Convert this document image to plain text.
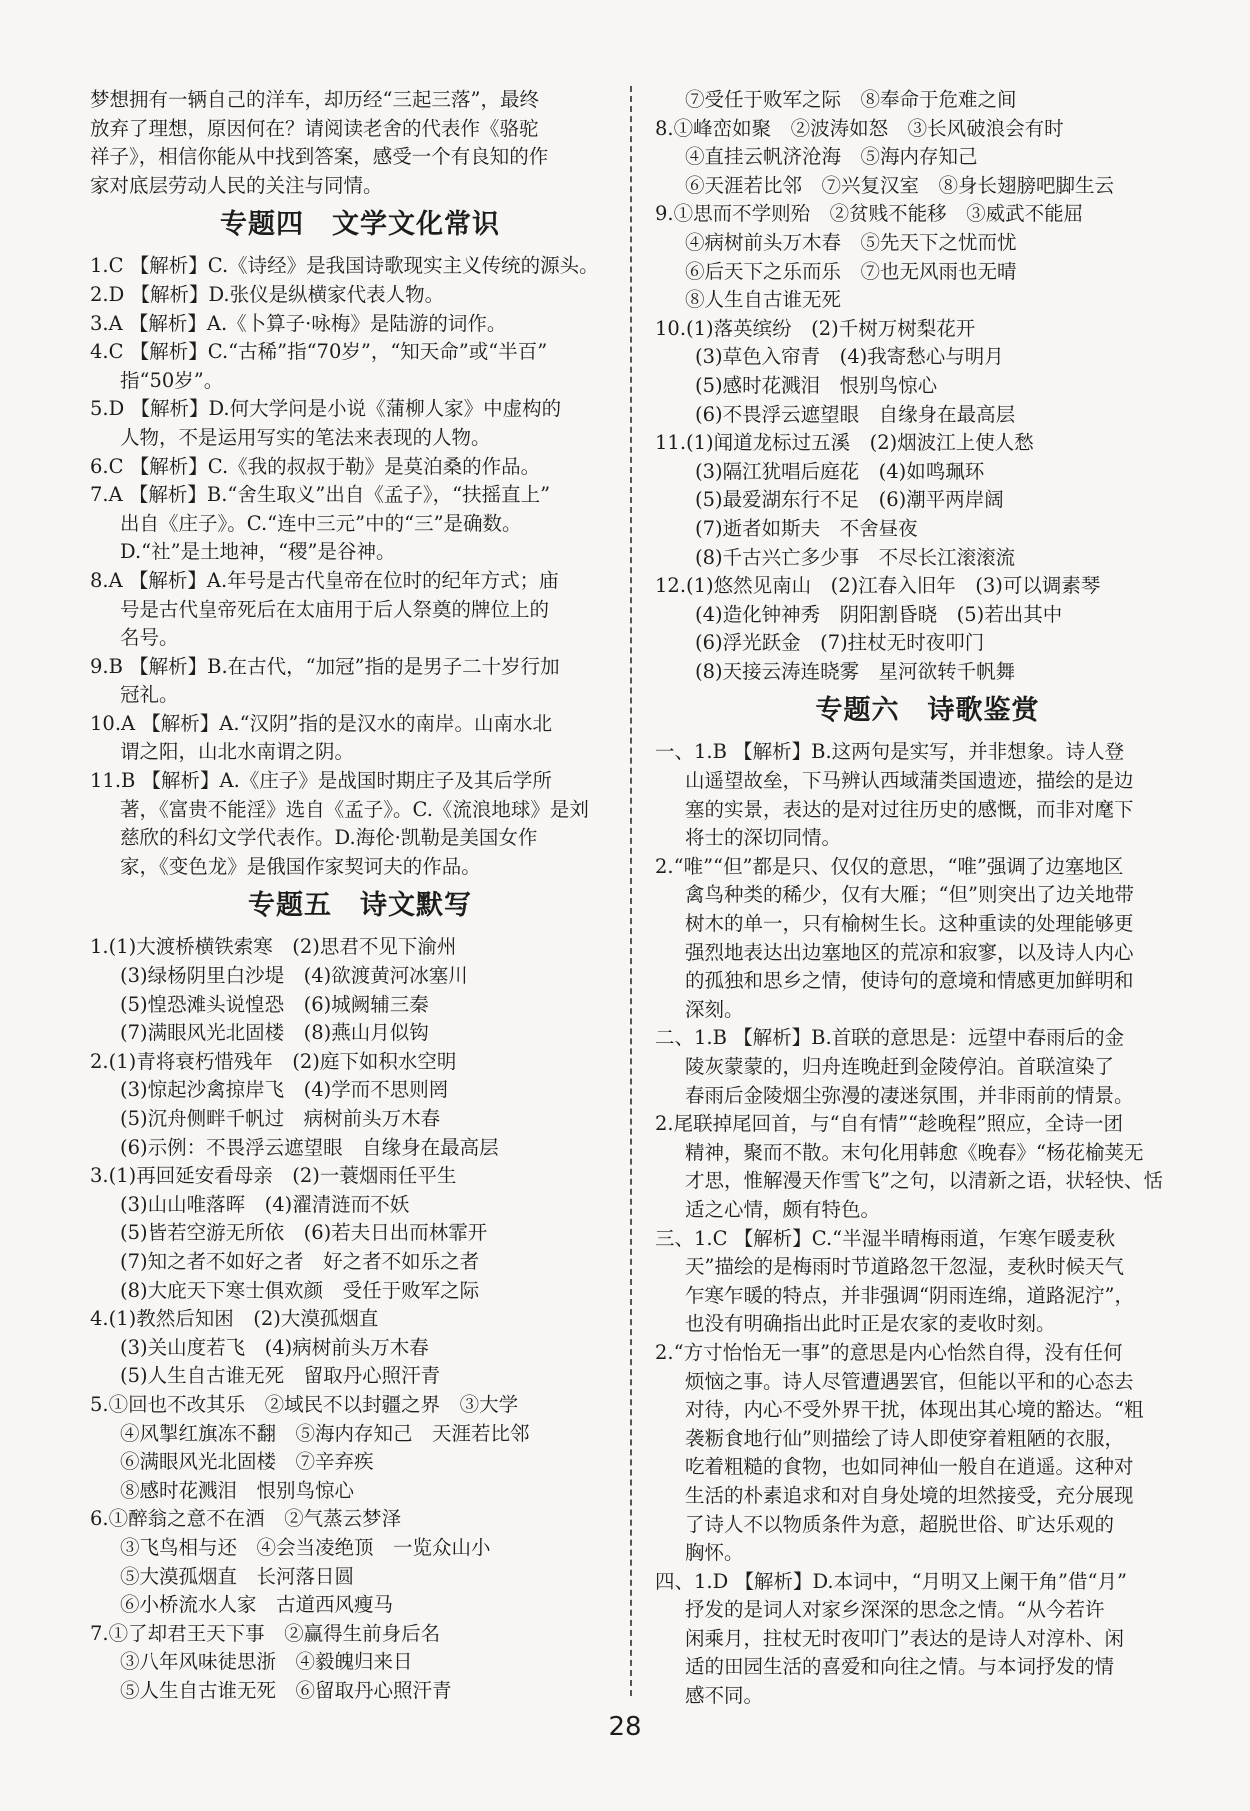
梦想拥有一辆自己的洋车，却历经“三起三落”，最终
放弃了理想，原因何在？请阅读老舍的代表作《骆驼
祥子》，相信你能从中找到答案，感受一个有良知的作
家对底层劳动人民的关注与同情。
专题四　文学文化常识
1.C 【解析】C.《诗经》是我国诗歌现实主义传统的源头。
2.D 【解析】D.张仪是纵横家代表人物。
3.A 【解析】A.《卜算子·咏梅》是陆游的词作。
4.C 【解析】C.“古稀”指“70岁”，“知天命”或“半百”
指“50岁”。
5.D 【解析】D.何大学问是小说《蒲柳人家》中虚构的
人物，不是运用写实的笔法来表现的人物。
6.C 【解析】C.《我的叔叔于勒》是莫泊桑的作品。
7.A 【解析】B.“舍生取义”出自《孟子》，“扶摇直上”
出自《庄子》。C.“连中三元”中的“三”是确数。
D.“社”是土地神，“稷”是谷神。
8.A 【解析】A.年号是古代皇帝在位时的纪年方式；庙
号是古代皇帝死后在太庙用于后人祭奠的牌位上的
名号。
9.B 【解析】B.在古代，“加冠”指的是男子二十岁行加
冠礼。
10.A 【解析】A.“汉阴”指的是汉水的南岸。山南水北
谓之阳，山北水南谓之阴。
11.B 【解析】A.《庄子》是战国时期庄子及其后学所
著，《富贵不能淫》选自《孟子》。C.《流浪地球》是刘
慈欣的科幻文学代表作。D.海伦·凯勒是美国女作
家，《变色龙》是俄国作家契诃夫的作品。
专题五　诗文默写
1.(1)大渡桥横铁索寒　(2)思君不见下渝州
(3)绿杨阴里白沙堤　(4)欲渡黄河冰塞川
(5)惶恐滩头说惶恐　(6)城阙辅三秦
(7)满眼风光北固楼　(8)燕山月似钩
2.(1)青将衰朽惜残年　(2)庭下如积水空明
(3)惊起沙禽掠岸飞　(4)学而不思则罔
(5)沉舟侧畔千帆过　病树前头万木春
(6)示例：不畏浮云遮望眼　自缘身在最高层
3.(1)再回延安看母亲　(2)一蓑烟雨任平生
(3)山山唯落晖　(4)濯清涟而不妖
(5)皆若空游无所依　(6)若夫日出而林霏开
(7)知之者不如好之者　好之者不如乐之者
(8)大庇天下寒士俱欢颜　受任于败军之际
4.(1)教然后知困　(2)大漠孤烟直
(3)关山度若飞　(4)病树前头万木春
(5)人生自古谁无死　留取丹心照汗青
5.①回也不改其乐　②域民不以封疆之界　③大学
④风掣红旗冻不翻　⑤海内存知己　天涯若比邻
⑥满眼风光北固楼　⑦辛弃疾
⑧感时花溅泪　恨别鸟惊心
6.①醉翁之意不在酒　②气蒸云梦泽
③飞鸟相与还　④会当凌绝顶　一览众山小
⑤大漠孤烟直　长河落日圆
⑥小桥流水人家　古道西风瘦马
7.①了却君王天下事　②赢得生前身后名
③八年风味徒思浙　④毅魄归来日
⑤人生自古谁无死　⑥留取丹心照汗青
⑦受任于败军之际　⑧奉命于危难之间
8.①峰峦如聚　②波涛如怒　③长风破浪会有时
④直挂云帆济沧海　⑤海内存知己
⑥天涯若比邻　⑦兴复汉室　⑧身长翅膀吧脚生云
9.①思而不学则殆　②贫贱不能移　③威武不能屈
④病树前头万木春　⑤先天下之忧而忧
⑥后天下之乐而乐　⑦也无风雨也无晴
⑧人生自古谁无死
10.(1)落英缤纷　(2)千树万树梨花开
(3)草色入帘青　(4)我寄愁心与明月
(5)感时花溅泪　恨别鸟惊心
(6)不畏浮云遮望眼　自缘身在最高层
11.(1)闻道龙标过五溪　(2)烟波江上使人愁
(3)隔江犹唱后庭花　(4)如鸣珮环
(5)最爱湖东行不足　(6)潮平两岸阔
(7)逝者如斯夫　不舍昼夜
(8)千古兴亡多少事　不尽长江滚滚流
12.(1)悠然见南山　(2)江春入旧年　(3)可以调素琴
(4)造化钟神秀　阴阳割昏晓　(5)若出其中
(6)浮光跃金　(7)拄杖无时夜叩门
(8)天接云涛连晓雾　星河欲转千帆舞
专题六　诗歌鉴赏
一、1.B 【解析】B.这两句是实写，并非想象。诗人登
山遥望故垒，下马辨认西域蒲类国遗迹，描绘的是边
塞的实景，表达的是对过往历史的感慨，而非对麾下
将士的深切同情。
2.“唯”“但”都是只、仅仅的意思，“唯”强调了边塞地区
禽鸟种类的稀少，仅有大雁；“但”则突出了边关地带
树木的单一，只有榆树生长。这种重读的处理能够更
强烈地表达出边塞地区的荒凉和寂寥，以及诗人内心
的孤独和思乡之情，使诗句的意境和情感更加鲜明和
深刻。
二、1.B 【解析】B.首联的意思是：远望中春雨后的金
陵灰蒙蒙的，归舟连晚赶到金陵停泊。首联渲染了
春雨后金陵烟尘弥漫的凄迷氛围，并非雨前的情景。
2.尾联掉尾回首，与“自有情”“趁晚程”照应，全诗一团
精神，聚而不散。末句化用韩愈《晚春》“杨花榆荚无
才思，惟解漫天作雪飞”之句，以清新之语，状轻快、恬
适之心情，颇有特色。
三、1.C 【解析】C.“半湿半晴梅雨道，乍寒乍暖麦秋
天”描绘的是梅雨时节道路忽干忽湿，麦秋时候天气
乍寒乍暖的特点，并非强调“阴雨连绵，道路泥泞”，
也没有明确指出此时正是农家的麦收时刻。
2.“方寸怡怡无一事”的意思是内心怡然自得，没有任何
烦恼之事。诗人尽管遭遇罢官，但能以平和的心态去
对待，内心不受外界干扰，体现出其心境的豁达。“粗
袭粝食地行仙”则描绘了诗人即使穿着粗陋的衣服，
吃着粗糙的食物，也如同神仙一般自在逍遥。这种对
生活的朴素追求和对自身处境的坦然接受，充分展现
了诗人不以物质条件为意，超脱世俗、旷达乐观的
胸怀。
四、1.D 【解析】D.本词中，“月明又上阑干角”借“月”
抒发的是词人对家乡深深的思念之情。“从今若许
闲乘月，拄杖无时夜叩门”表达的是诗人对淳朴、闲
适的田园生活的喜爱和向往之情。与本词抒发的情
感不同。
28
